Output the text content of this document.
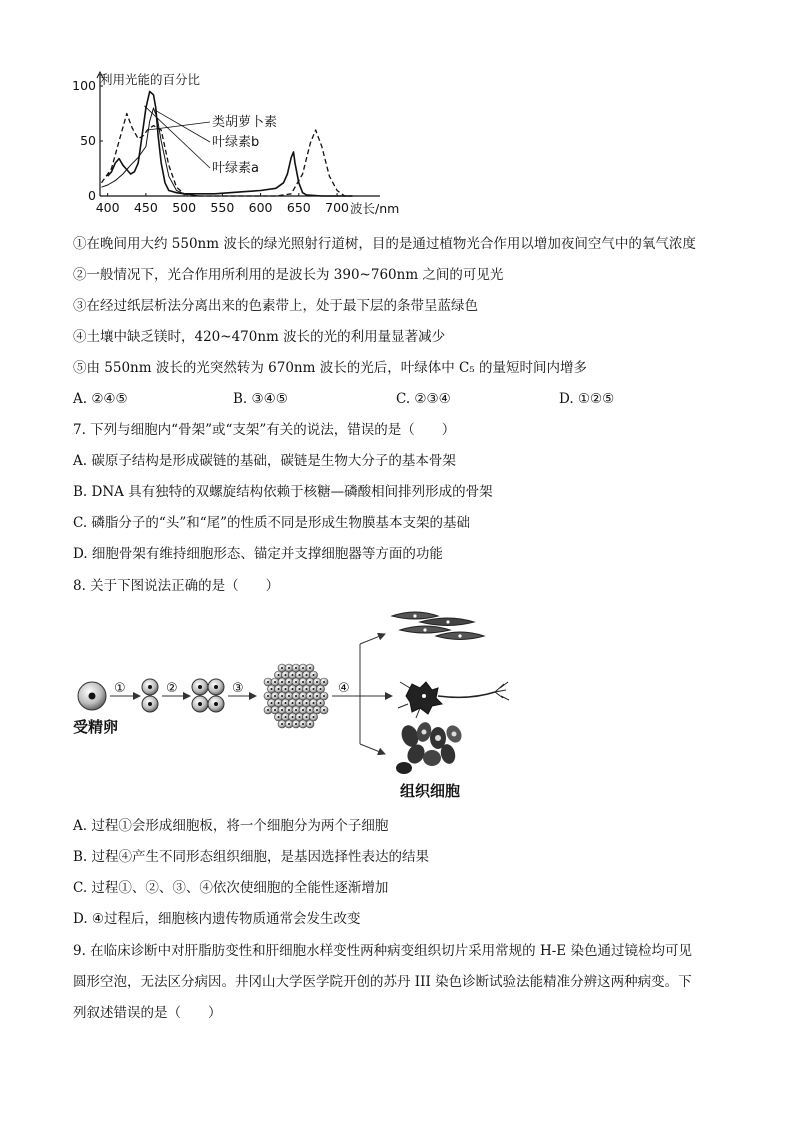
利用光能的百分比
波长/nm
400 450 500 550 600 650 700
0
50
100
类胡萝卜素
叶绿素b
叶绿素a
①在晚间用大约 550nm 波长的绿光照射行道树，目的是通过植物光合作用以增加夜间空气中的氧气浓度
②一般情况下，光合作用所利用的是波长为 390~760nm 之间的可见光
③在经过纸层析法分离出来的色素带上，处于最下层的条带呈蓝绿色
④土壤中缺乏镁时，420~470nm 波长的光的利用量显著减少
⑤由 550nm 波长的光突然转为 670nm 波长的光后，叶绿体中 C₅ 的量短时间内增多
A. ②④⑤	B. ③④⑤	C. ②③④	D. ①②⑤
7. 下列与细胞内“骨架”或“支架”有关的说法，错误的是（　　）
A. 碳原子结构是形成碳链的基础，碳链是生物大分子的基本骨架
B. DNA 具有独特的双螺旋结构依赖于核糖—磷酸相间排列形成的骨架
C. 磷脂分子的“头”和“尾”的性质不同是形成生物膜基本支架的基础
D. 细胞骨架有维持细胞形态、锚定并支撑细胞器等方面的功能
8. 关于下图说法正确的是（　　）
受精卵
①	②	③	④
组织细胞
A. 过程①会形成细胞板，将一个细胞分为两个子细胞
B. 过程④产生不同形态组织细胞，是基因选择性表达的结果
C. 过程①、②、③、④依次使细胞的全能性逐渐增加
D. ④过程后，细胞核内遗传物质通常会发生改变
9. 在临床诊断中对肝脂肪变性和肝细胞水样变性两种病变组织切片采用常规的 H-E 染色通过镜检均可见
圆形空泡，无法区分病因。井冈山大学医学院开创的苏丹 III 染色诊断试验法能精准分辨这两种病变。下
列叙述错误的是（　　）
